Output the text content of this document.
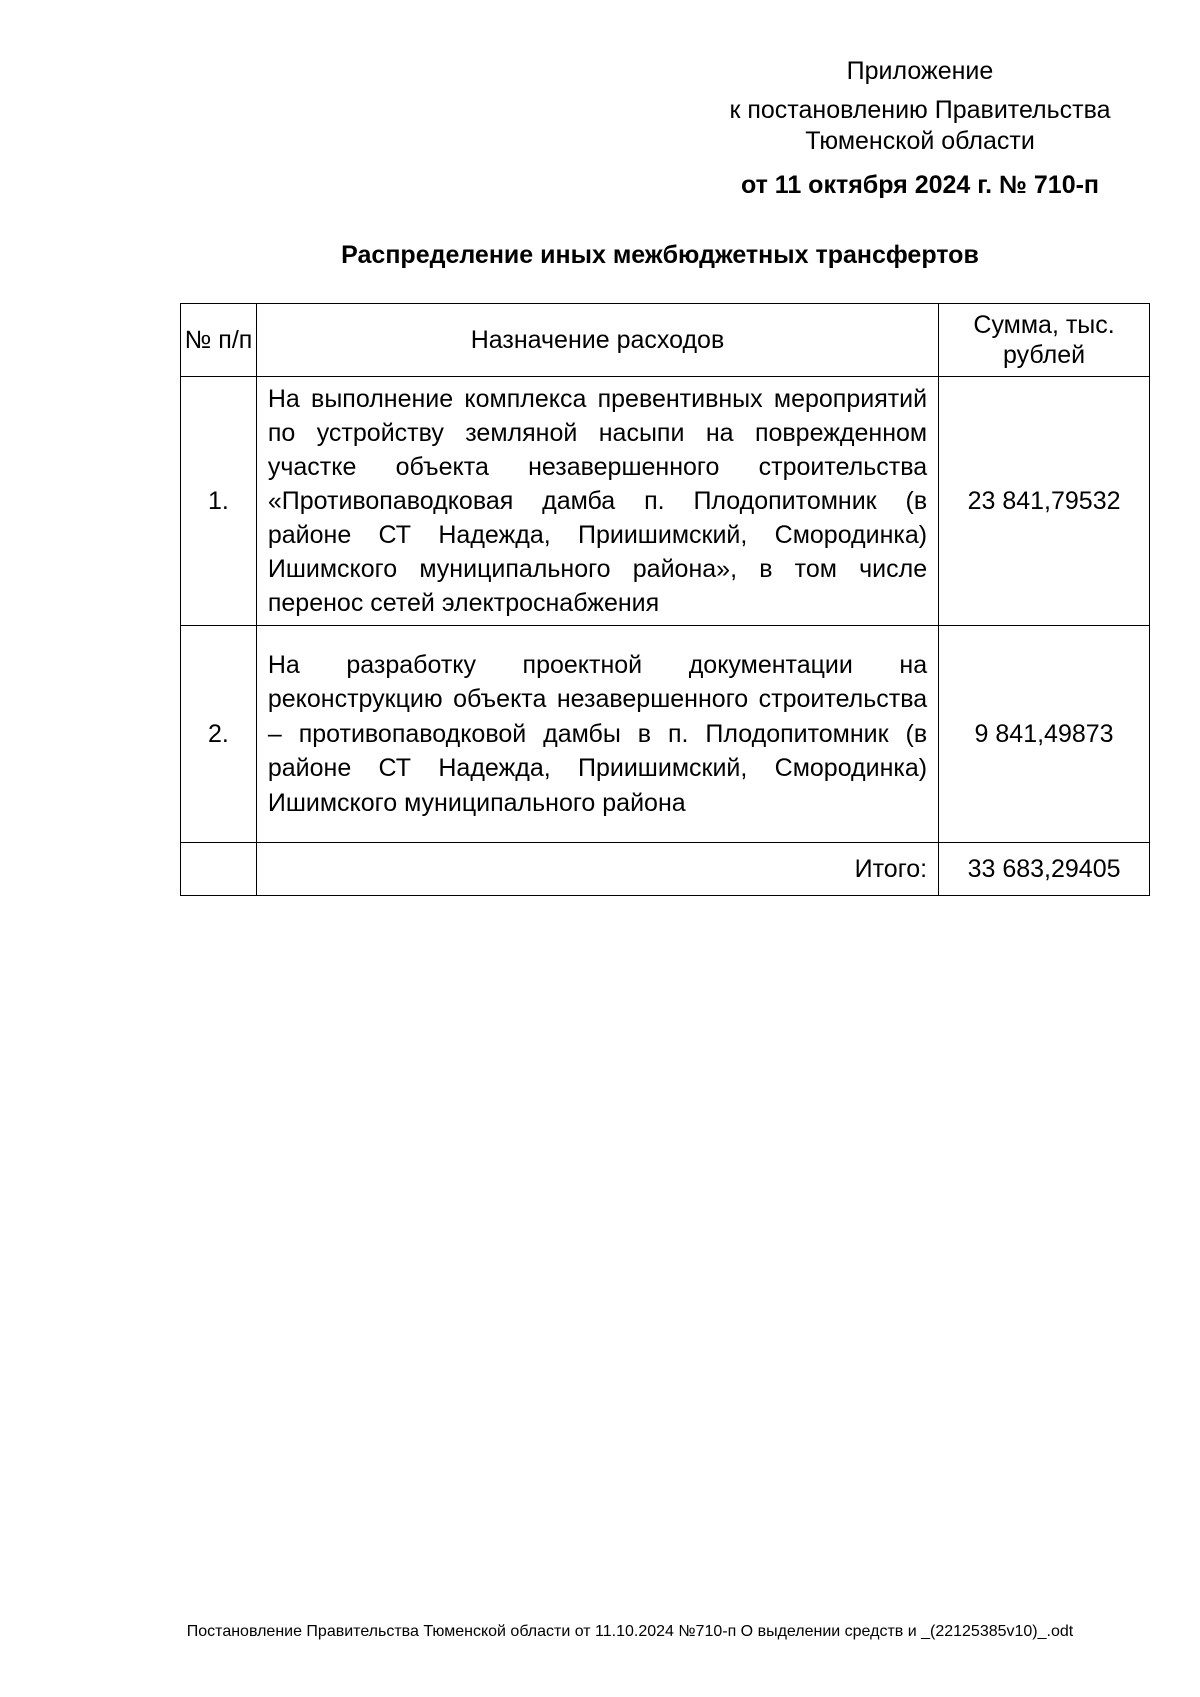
Приложение
к постановлению Правительства
Тюменской области
от 11 октября 2024 г. № 710-п
Распределение иных межбюджетных трансфертов
№ п/п	Назначение расходов	Сумма, тыс. рублей
1.	На выполнение комплекса превентивных мероприятий по устройству земляной насыпи на поврежденном участке объекта незавершенного строительства «Противопаводковая дамба п. Плодопитомник (в районе СТ Надежда, Приишимский, Смородинка) Ишимского муниципального района», в том числе перенос сетей электроснабжения	23 841,79532
2.	На разработку проектной документации на реконструкцию объекта незавершенного строительства – противопаводковой дамбы в п. Плодопитомник (в районе СТ Надежда, Приишимский, Смородинка) Ишимского муниципального района	9 841,49873
	Итого:	33 683,29405
Постановление Правительства Тюменской области от 11.10.2024 №710-п О выделении средств и _(22125385v10)_.odt
